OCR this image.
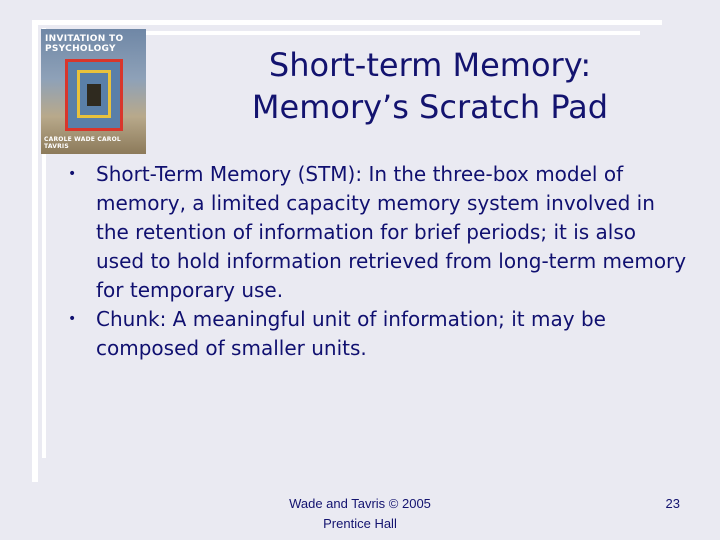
INVITATION TO PSYCHOLOGY
CAROLE WADE CAROL TAVRIS
Short-term Memory:
Memory’s Scratch Pad
• Short-Term Memory (STM): In the three-box model of memory, a limited capacity memory system involved in the retention of information for brief periods; it is also used to hold information retrieved from long-term memory for temporary use.
• Chunk: A meaningful unit of information; it may be composed of smaller units.
Wade and Tavris © 2005
Prentice Hall
23
